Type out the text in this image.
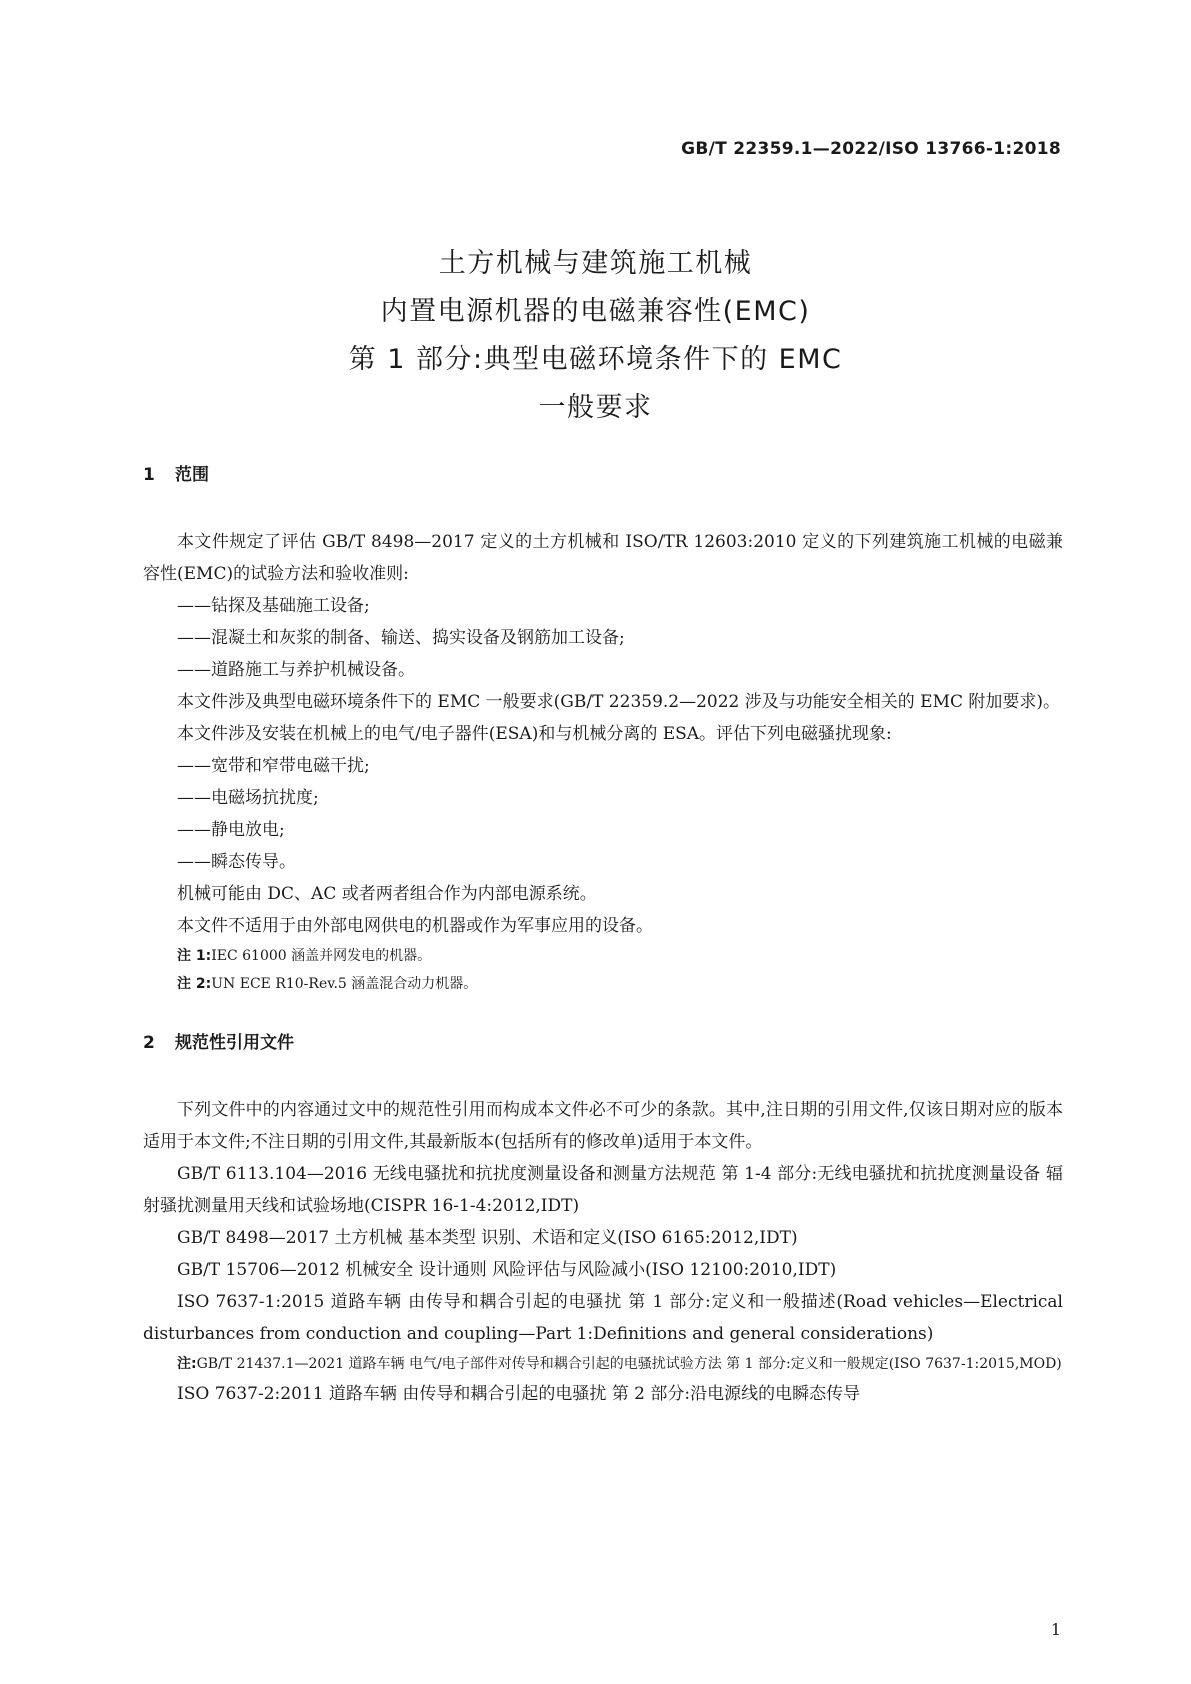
GB/T 22359.1—2022/ISO 13766-1:2018
土方机械与建筑施工机械
内置电源机器的电磁兼容性(EMC)
第 1 部分:典型电磁环境条件下的 EMC
一般要求
1 范围

本文件规定了评估 GB/T 8498—2017 定义的土方机械和 ISO/TR 12603:2010 定义的下列建筑施工机械的电磁兼容性(EMC)的试验方法和验收准则:

——钻探及基础施工设备;

——混凝土和灰浆的制备、输送、捣实设备及钢筋加工设备;

——道路施工与养护机械设备。

本文件涉及典型电磁环境条件下的 EMC 一般要求(GB/T 22359.2—2022 涉及与功能安全相关的 EMC 附加要求)。

本文件涉及安装在机械上的电气/电子器件(ESA)和与机械分离的 ESA。评估下列电磁骚扰现象:

——宽带和窄带电磁干扰;

——电磁场抗扰度;

——静电放电;

——瞬态传导。

机械可能由 DC、AC 或者两者组合作为内部电源系统。

本文件不适用于由外部电网供电的机器或作为军事应用的设备。

注 1:IEC 61000 涵盖并网发电的机器。

注 2:UN ECE R10-Rev.5 涵盖混合动力机器。

2 规范性引用文件

下列文件中的内容通过文中的规范性引用而构成本文件必不可少的条款。其中,注日期的引用文件,仅该日期对应的版本适用于本文件;不注日期的引用文件,其最新版本(包括所有的修改单)适用于本文件。

GB/T 6113.104—2016 无线电骚扰和抗扰度测量设备和测量方法规范 第 1-4 部分:无线电骚扰和抗扰度测量设备 辐射骚扰测量用天线和试验场地(CISPR 16-1-4:2012,IDT)

GB/T 8498—2017 土方机械 基本类型 识别、术语和定义(ISO 6165:2012,IDT)

GB/T 15706—2012 机械安全 设计通则 风险评估与风险减小(ISO 12100:2010,IDT)

ISO 7637-1:2015 道路车辆 由传导和耦合引起的电骚扰 第 1 部分:定义和一般描述(Road vehicles—Electrical disturbances from conduction and coupling—Part 1:Definitions and general considerations)

注:GB/T 21437.1—2021 道路车辆 电气/电子部件对传导和耦合引起的电骚扰试验方法 第 1 部分:定义和一般规定(ISO 7637-1:2015,MOD)

ISO 7637-2:2011 道路车辆 由传导和耦合引起的电骚扰 第 2 部分:沿电源线的电瞬态传导

1
